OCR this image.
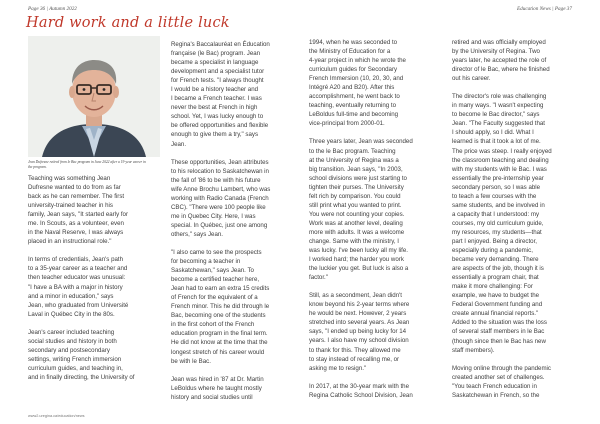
Page 36 | Autumn 2022	Education News | Page 37
Hard work and a little luck
Jean Dufresne retired from le Bac program in June 2022 after a 19-year career in the program.

Teaching was something Jean
Dufresne wanted to do from as far
back as he can remember. The first
university-trained teacher in his
family, Jean says, "It started early for
me. In Scouts, as a volunteer, even
in the Naval Reserve, I was always
placed in an instructional role."

In terms of credentials, Jean's path
to a 35-year career as a teacher and
then teacher educator was unusual:
"I have a BA with a major in history
and a minor in education," says
Jean, who graduated from Université
Laval in Québec City in the 80s.

Jean's career included teaching
social studies and history in both
secondary and postsecondary
settings, writing French immersion
curriculum guides, and teaching in,
and in finally directing, the University of

Regina's Baccalauréat en Éducation
française (le Bac) program. Jean
became a specialist in language
development and a specialist tutor
for French tests. "I always thought
I would be a history teacher and
I became a French teacher. I was
never the best at French in high
school. Yet, I was lucky enough to
be offered opportunities and flexible
enough to give them a try," says
Jean.

These opportunities, Jean attributes
to his relocation to Saskatchewan in
the fall of '86 to be with his future
wife Anne Brochu Lambert, who was
working with Radio Canada (French
CBC). "There were 100 people like
me in Quebec City. Here, I was
special. In Québec, just one among
others," says Jean.

"I also came to see the prospects
for becoming a teacher in
Saskatchewan," says Jean. To
become a certified teacher here,
Jean had to earn an extra 15 credits
of French for the equivalent of a
French minor. This he did through le
Bac, becoming one of the students
in the first cohort of the French
education program in the final term.
He did not know at the time that the
longest stretch of his career would
be with le Bac.

Jean was hired in '87 at Dr. Martin
LeBoldus where he taught mostly
history and social studies until

1994, when he was seconded to
the Ministry of Education for a
4-year project in which he wrote the
curriculum guides for Secondary
French Immersion (10, 20, 30, and
Intégré A20 and B20). After this
accomplishment, he went back to
teaching, eventually returning to
LeBoldus full-time and becoming
vice-principal from 2000-01.

Three years later, Jean was seconded
to the le Bac program. Teaching
at the University of Regina was a
big transition. Jean says, "In 2003,
school divisions were just starting to
tighten their purses. The University
felt rich by comparison. You could
still print what you wanted to print.
You were not counting your copies.
Work was at another level, dealing
more with adults. It was a welcome
change. Same with the ministry, I
was lucky. I've been lucky all my life.
I worked hard; the harder you work
the luckier you get. But luck is also a
factor."

Still, as a secondment, Jean didn't
know beyond his 2-year terms where
he would be next. However, 2 years
stretched into several years. As Jean
says, "I ended up being lucky for 14
years. I also have my school division
to thank for this. They allowed me
to stay instead of recalling me, or
asking me to resign."

In 2017, at the 30-year mark with the
Regina Catholic School Division, Jean

retired and was officially employed
by the University of Regina. Two
years later, he accepted the role of
director of le Bac, where he finished
out his career.

The director's role was challenging
in many ways. "I wasn't expecting
to become le Bac director," says
Jean. "The Faculty suggested that
I should apply, so I did. What I
learned is that it took a lot of me.
The price was steep. I really enjoyed
the classroom teaching and dealing
with my students with le Bac. I was
essentially the pre-internship year
secondary person, so I was able
to teach a few courses with the
same students, and be involved in
a capacity that I understood: my
courses, my old curriculum guide,
my resources, my students—that
part I enjoyed. Being a director,
especially during a pandemic,
became very demanding. There
are aspects of the job, though it is
essentially a program chair, that
make it more challenging: For
example, we have to budget the
Federal Government funding and
create annual financial reports."
Added to the situation was the loss
of several staff members in le Bac
(though since then le Bac has new
staff members).

Moving online through the pandemic
created another set of challenges.
"You teach French education in
Saskatchewan in French, so the

www2.uregina.ca/education/news
